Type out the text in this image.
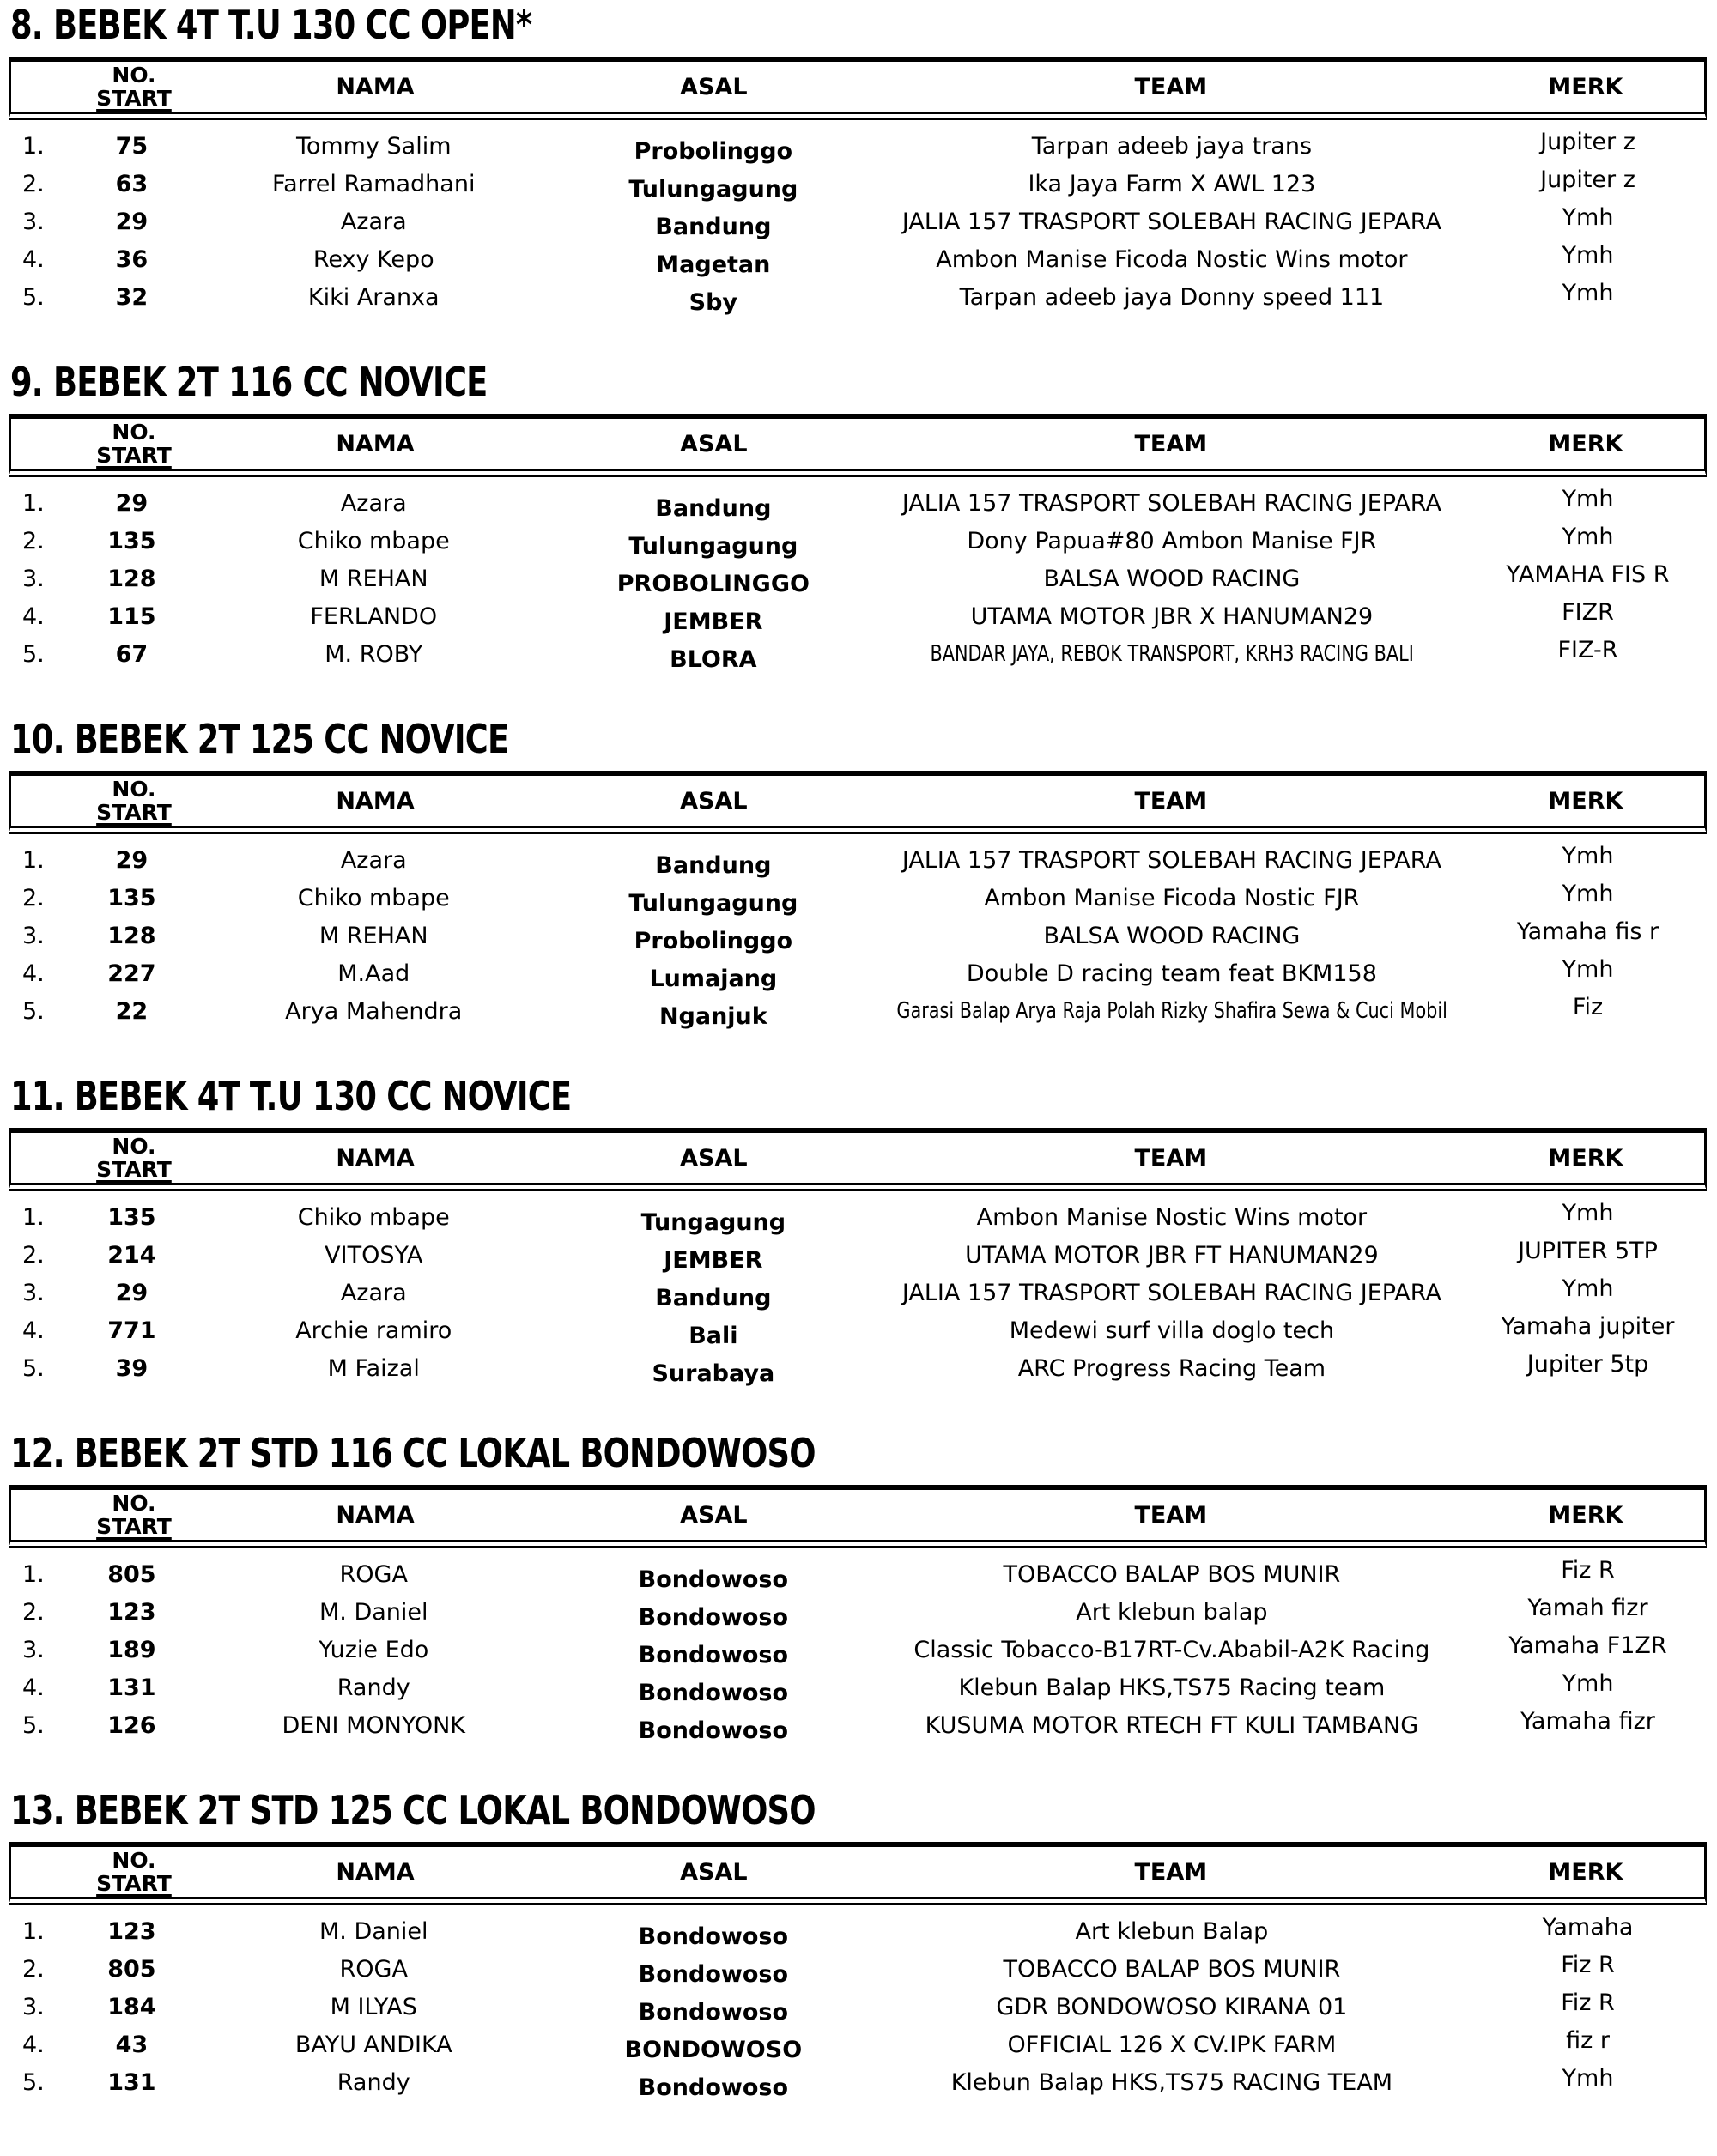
8. BEBEK 4T T.U 130 CC OPEN*
NO.
START	NAMA	ASAL	TEAM	MERK
1.	75	Tommy Salim	Probolinggo	Tarpan adeeb jaya trans	Jupiter z
2.	63	Farrel Ramadhani	Tulungagung	Ika Jaya Farm X AWL 123	Jupiter z
3.	29	Azara	Bandung	JALIA 157 TRASPORT SOLEBAH RACING JEPARA	Ymh
4.	36	Rexy Kepo	Magetan	Ambon Manise Ficoda Nostic Wins motor	Ymh
5.	32	Kiki Aranxa	Sby	Tarpan adeeb jaya Donny speed 111	Ymh
9. BEBEK 2T 116 CC NOVICE
NO.
START	NAMA	ASAL	TEAM	MERK
1.	29	Azara	Bandung	JALIA 157 TRASPORT SOLEBAH RACING JEPARA	Ymh
2.	135	Chiko mbape	Tulungagung	Dony Papua#80 Ambon Manise FJR	Ymh
3.	128	M REHAN	PROBOLINGGO	BALSA WOOD RACING	YAMAHA FIS R
4.	115	FERLANDO	JEMBER	UTAMA MOTOR JBR X HANUMAN29	FIZR
5.	67	M. ROBY	BLORA	BANDAR JAYA, REBOK TRANSPORT, KRH3 RACING BALI	FIZ-R
10. BEBEK 2T 125 CC NOVICE
NO.
START	NAMA	ASAL	TEAM	MERK
1.	29	Azara	Bandung	JALIA 157 TRASPORT SOLEBAH RACING JEPARA	Ymh
2.	135	Chiko mbape	Tulungagung	Ambon Manise Ficoda Nostic FJR	Ymh
3.	128	M REHAN	Probolinggo	BALSA WOOD RACING	Yamaha fis r
4.	227	M.Aad	Lumajang	Double D racing team feat BKM158	Ymh
5.	22	Arya Mahendra	Nganjuk	Garasi Balap Arya Raja Polah Rizky Shafira Sewa & Cuci Mobil	Fiz
11. BEBEK 4T T.U 130 CC NOVICE
NO.
START	NAMA	ASAL	TEAM	MERK
1.	135	Chiko mbape	Tungagung	Ambon Manise Nostic Wins motor	Ymh
2.	214	VITOSYA	JEMBER	UTAMA MOTOR JBR FT HANUMAN29	JUPITER 5TP
3.	29	Azara	Bandung	JALIA 157 TRASPORT SOLEBAH RACING JEPARA	Ymh
4.	771	Archie ramiro	Bali	Medewi surf villa doglo tech	Yamaha jupiter
5.	39	M Faizal	Surabaya	ARC Progress Racing Team	Jupiter 5tp
12. BEBEK 2T STD 116 CC LOKAL BONDOWOSO
NO.
START	NAMA	ASAL	TEAM	MERK
1.	805	ROGA	Bondowoso	TOBACCO BALAP BOS MUNIR	Fiz R
2.	123	M. Daniel	Bondowoso	Art klebun balap	Yamah fizr
3.	189	Yuzie Edo	Bondowoso	Classic Tobacco-B17RT-Cv.Ababil-A2K Racing	Yamaha F1ZR
4.	131	Randy	Bondowoso	Klebun Balap HKS,TS75 Racing team	Ymh
5.	126	DENI MONYONK	Bondowoso	KUSUMA MOTOR RTECH FT KULI TAMBANG	Yamaha fizr
13. BEBEK 2T STD 125 CC LOKAL BONDOWOSO
NO.
START	NAMA	ASAL	TEAM	MERK
1.	123	M. Daniel	Bondowoso	Art klebun Balap	Yamaha
2.	805	ROGA	Bondowoso	TOBACCO BALAP BOS MUNIR	Fiz R
3.	184	M ILYAS	Bondowoso	GDR BONDOWOSO KIRANA 01	Fiz R
4.	43	BAYU ANDIKA	BONDOWOSO	OFFICIAL 126 X CV.IPK FARM	fiz r
5.	131	Randy	Bondowoso	Klebun Balap HKS,TS75 RACING TEAM	Ymh
